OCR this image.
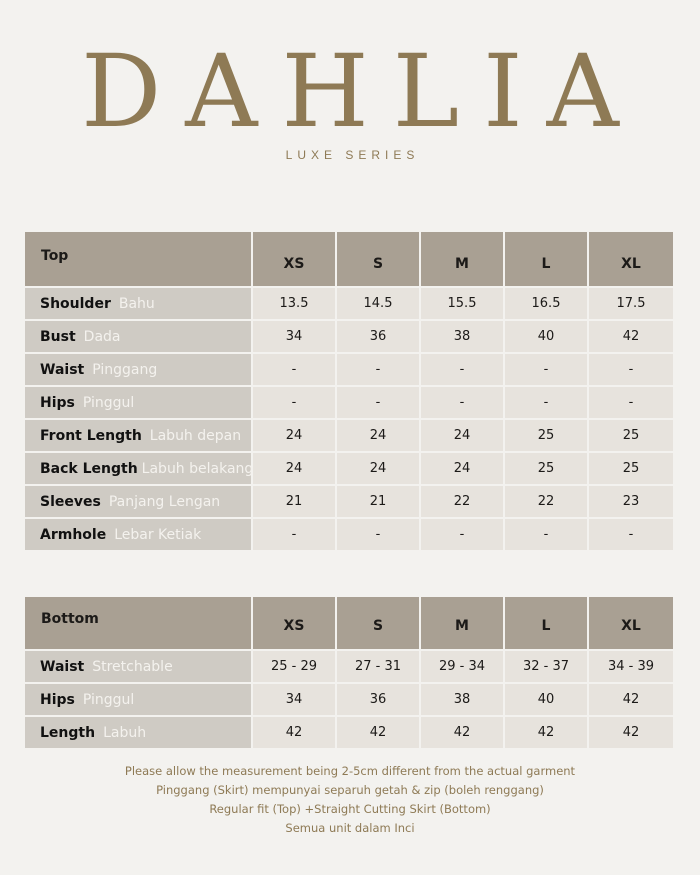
DAHLIA
LUXE SERIES
Top	XS	S	M	L	XL
Shoulder Bahu	13.5	14.5	15.5	16.5	17.5
Bust Dada	34	36	38	40	42
Waist Pinggang	-	-	-	-	-
Hips Pinggul	-	-	-	-	-
Front Length Labuh depan	24	24	24	25	25
Back Length Labuh belakang	24	24	24	25	25
Sleeves Panjang Lengan	21	21	22	22	23
Armhole Lebar Ketiak	-	-	-	-	-
Bottom	XS	S	M	L	XL
Waist Stretchable	25 - 29	27 - 31	29 - 34	32 - 37	34 - 39
Hips Pinggul	34	36	38	40	42
Length Labuh	42	42	42	42	42
Please allow the measurement being 2-5cm different from the actual garment
Pinggang (Skirt) mempunyai separuh getah & zip (boleh renggang)
Regular fit (Top) +Straight Cutting Skirt (Bottom)
Semua unit dalam Inci
